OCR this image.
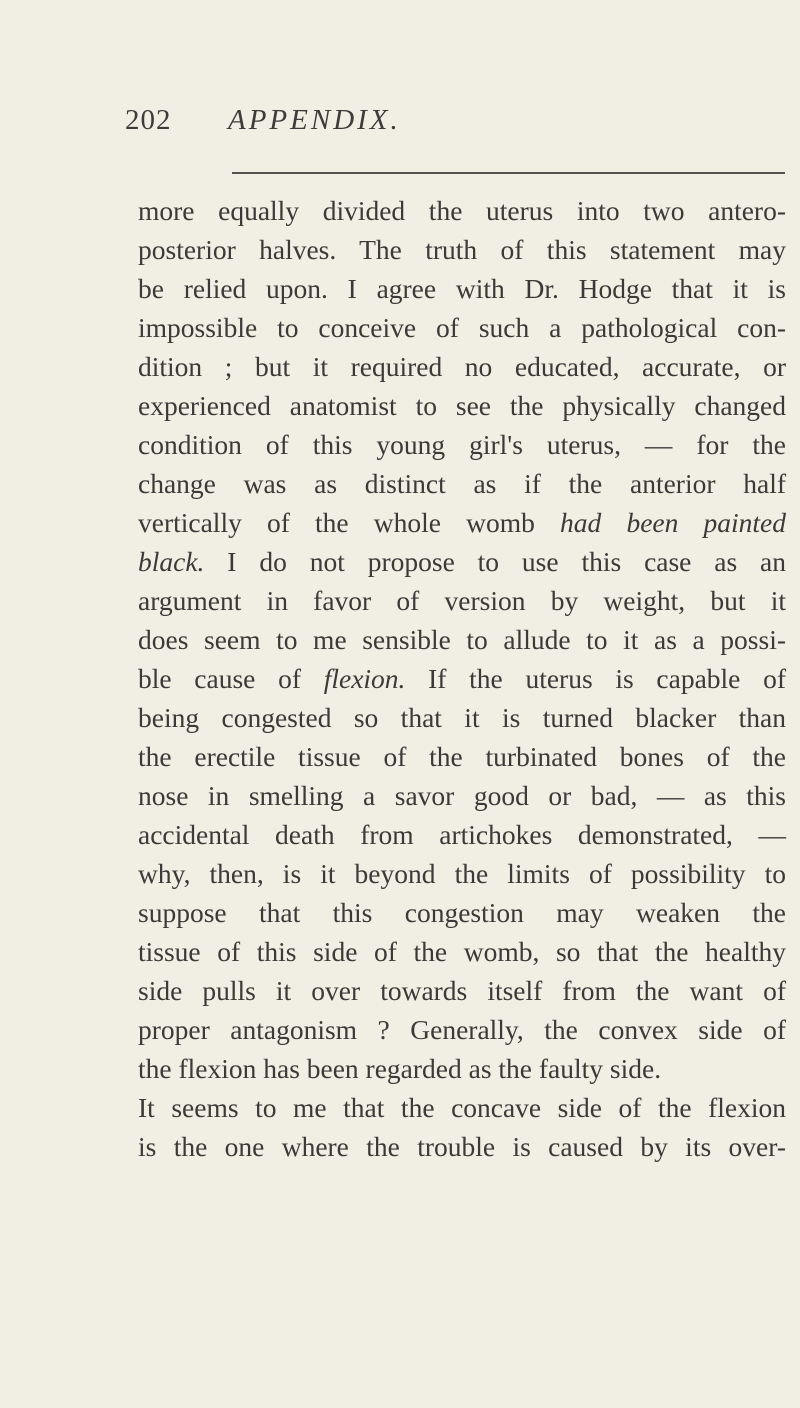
202 APPENDIX.
more equally divided the uterus into two antero-
posterior halves. The truth of this statement may
be relied upon. I agree with Dr. Hodge that it is
impossible to conceive of such a pathological con-
dition ; but it required no educated, accurate, or
experienced anatomist to see the physically changed
condition of this young girl's uterus, — for the
change was as distinct as if the anterior half
vertically of the whole womb had been painted
black. I do not propose to use this case as an
argument in favor of version by weight, but it
does seem to me sensible to allude to it as a possi-
ble cause of flexion. If the uterus is capable of
being congested so that it is turned blacker than
the erectile tissue of the turbinated bones of the
nose in smelling a savor good or bad, — as this
accidental death from artichokes demonstrated, —
why, then, is it beyond the limits of possibility to
suppose that this congestion may weaken the
tissue of this side of the womb, so that the healthy
side pulls it over towards itself from the want of
proper antagonism ? Generally, the convex side of
the flexion has been regarded as the faulty side.
It seems to me that the concave side of the flexion
is the one where the trouble is caused by its over-
